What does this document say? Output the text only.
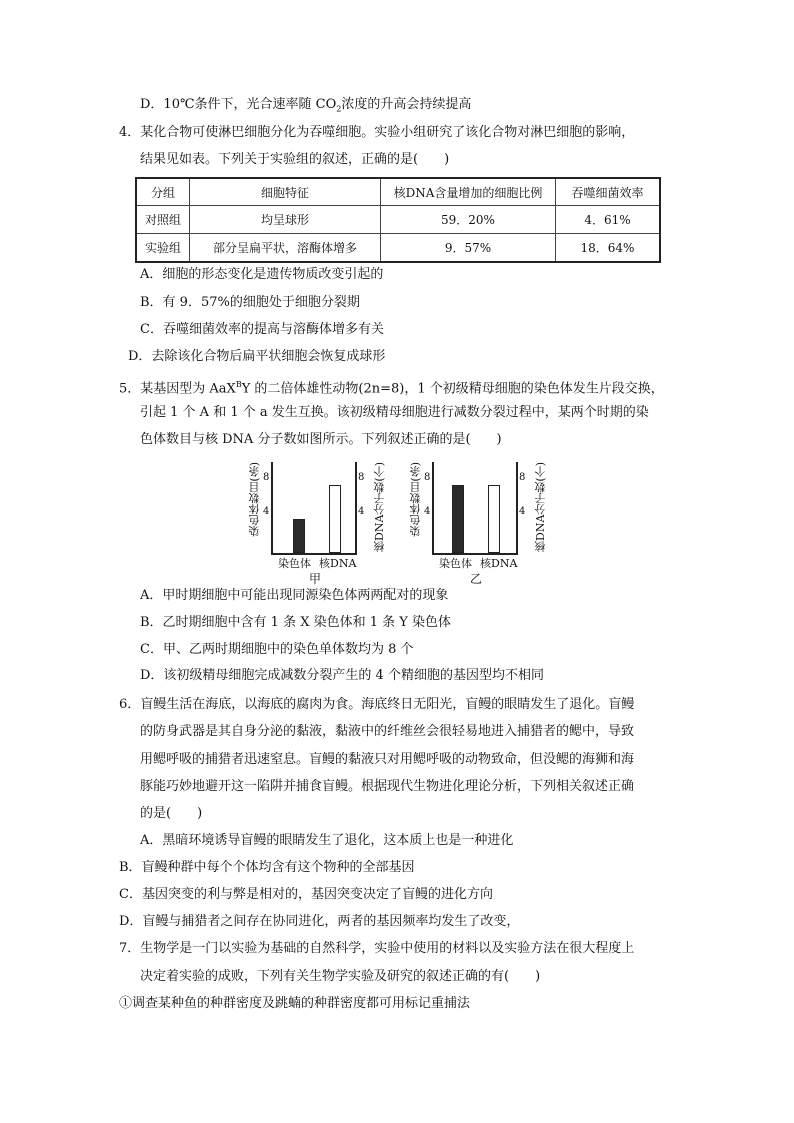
D．10℃条件下，光合速率随 $CO_2$浓度的升高会持续提高
4．某化合物可使淋巴细胞分化为吞噬细胞。实验小组研究了该化合物对淋巴细胞的影响，
结果见如表。下列关于实验组的叙述，正确的是(　　)
分组	细胞特征	核DNA含量增加的细胞比例	吞噬细菌效率
对照组	均呈球形	59．20%	4．61%
实验组	部分呈扁平状，溶酶体增多	9．57%	18．64%
A．细胞的形态变化是遗传物质改变引起的
B．有 9．57%的细胞处于细胞分裂期
C．吞噬细菌效率的提高与溶酶体增多有关
D．去除该化合物后扁平状细胞会恢复成球形
5．某基因型为 AaX$^B$Y 的二倍体雄性动物(2n=8)，1 个初级精母细胞的染色体发生片段交换，
引起 1 个 A 和 1 个 a 发生互换。该初级精母细胞进行减数分裂过程中，某两个时期的染
色体数目与核 DNA 分子数如图所示。下列叙述正确的是(　　)
染色体数目(条)	核DNA分子数(个)
8
4
8
4
染色体 核DNA
甲
染色体数目(条)	核DNA分子数(个)
8
4
8
4
染色体 核DNA
乙
A．甲时期细胞中可能出现同源染色体两两配对的现象
B．乙时期细胞中含有 1 条 X 染色体和 1 条 Y 染色体
C．甲、乙两时期细胞中的染色单体数均为 8 个
D．该初级精母细胞完成减数分裂产生的 4 个精细胞的基因型均不相同
6．盲鳗生活在海底，以海底的腐肉为食。海底终日无阳光，盲鳗的眼睛发生了退化。盲鳗
的防身武器是其自身分泌的黏液，黏液中的纤维丝会很轻易地进入捕猎者的鳃中，导致
用鳃呼吸的捕猎者迅速窒息。盲鳗的黏液只对用鳃呼吸的动物致命，但没鳃的海狮和海
豚能巧妙地避开这一陷阱并捕食盲鳗。根据现代生物进化理论分析，下列相关叙述正确
的是(　　)
A．黑暗环境诱导盲鳗的眼睛发生了退化，这本质上也是一种进化
B．盲鳗种群中每个个体均含有这个物种的全部基因
C．基因突变的利与弊是相对的，基因突变决定了盲鳗的进化方向
D．盲鳗与捕猎者之间存在协同进化，两者的基因频率均发生了改变，
7．生物学是一门以实验为基础的自然科学，实验中使用的材料以及实验方法在很大程度上
决定着实验的成败，下列有关生物学实验及研究的叙述正确的有(　　)
①调查某种鱼的种群密度及跳蝻的种群密度都可用标记重捕法
